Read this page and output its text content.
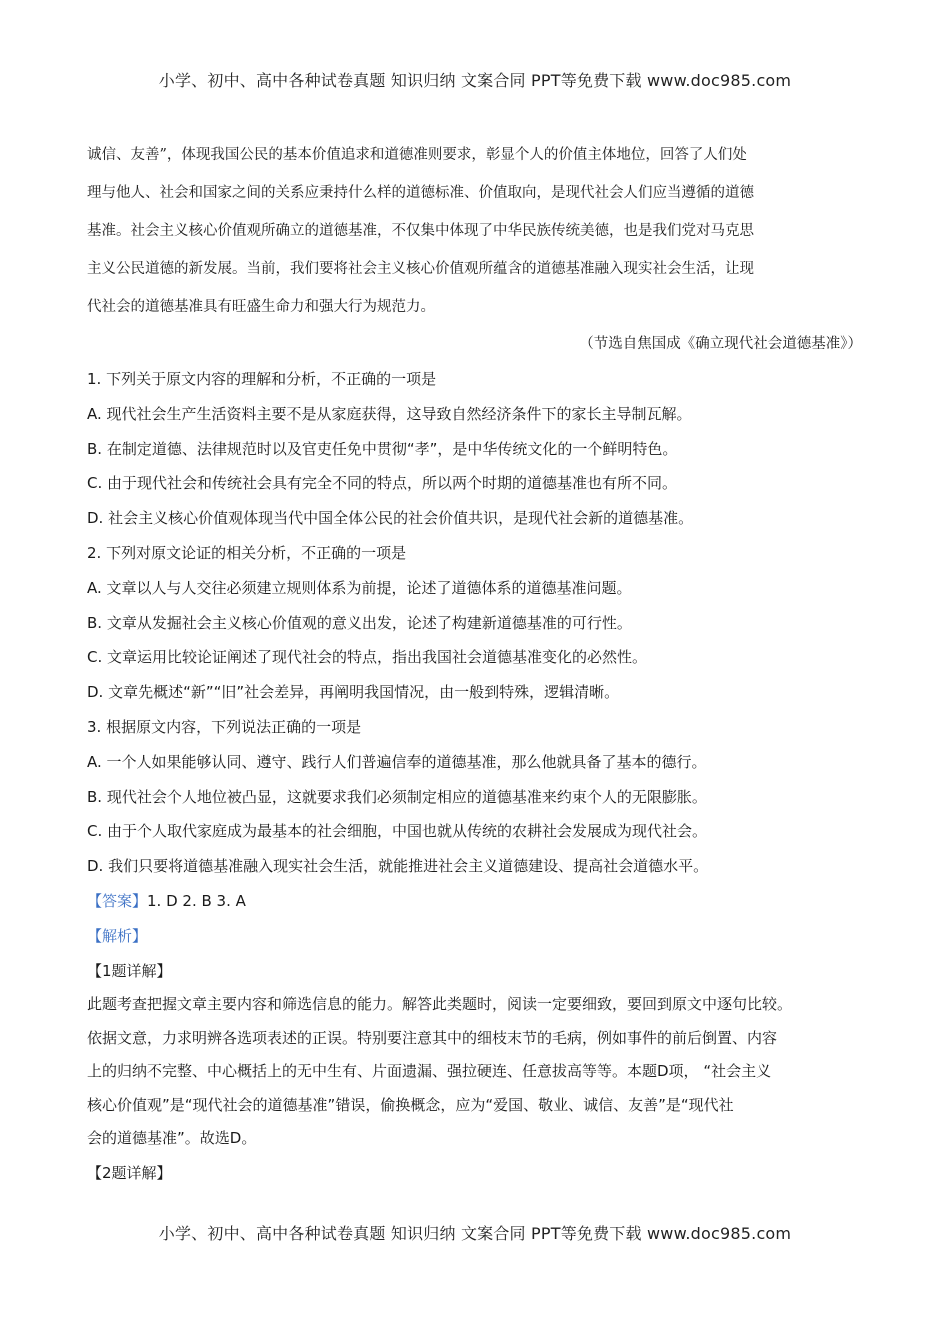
小学、初中、高中各种试卷真题 知识归纳 文案合同 PPT等免费下载 www.doc985.com
诚信、友善”，体现我国公民的基本价值追求和道德准则要求，彰显个人的价值主体地位，回答了人们处
理与他人、社会和国家之间的关系应秉持什么样的道德标准、价值取向，是现代社会人们应当遵循的道德
基准。社会主义核心价值观所确立的道德基准，不仅集中体现了中华民族传统美德，也是我们党对马克思
主义公民道德的新发展。当前，我们要将社会主义核心价值观所蕴含的道德基准融入现实社会生活，让现
代社会的道德基准具有旺盛生命力和强大行为规范力。
（节选自焦国成《确立现代社会道德基准》）
1. 下列关于原文内容的理解和分析，不正确的一项是
A. 现代社会生产生活资料主要不是从家庭获得，这导致自然经济条件下的家长主导制瓦解。
B. 在制定道德、法律规范时以及官吏任免中贯彻“孝”，是中华传统文化的一个鲜明特色。
C. 由于现代社会和传统社会具有完全不同的特点，所以两个时期的道德基准也有所不同。
D. 社会主义核心价值观体现当代中国全体公民的社会价值共识，是现代社会新的道德基准。
2. 下列对原文论证的相关分析，不正确的一项是
A. 文章以人与人交往必须建立规则体系为前提，论述了道德体系的道德基准问题。
B. 文章从发掘社会主义核心价值观的意义出发，论述了构建新道德基准的可行性。
C. 文章运用比较论证阐述了现代社会的特点，指出我国社会道德基准变化的必然性。
D. 文章先概述“新”“旧”社会差异，再阐明我国情况，由一般到特殊，逻辑清晰。
3. 根据原文内容，下列说法正确的一项是
A. 一个人如果能够认同、遵守、践行人们普遍信奉的道德基准，那么他就具备了基本的德行。
B. 现代社会个人地位被凸显，这就要求我们必须制定相应的道德基准来约束个人的无限膨胀。
C. 由于个人取代家庭成为最基本的社会细胞，中国也就从传统的农耕社会发展成为现代社会。
D. 我们只要将道德基准融入现实社会生活，就能推进社会主义道德建设、提高社会道德水平。
【答案】1. D 2. B 3. A
【解析】
【1题详解】
此题考查把握文章主要内容和筛选信息的能力。解答此类题时，阅读一定要细致，要回到原文中逐句比较。
依据文意，力求明辨各选项表述的正误。特别要注意其中的细枝末节的毛病，例如事件的前后倒置、内容
上的归纳不完整、中心概括上的无中生有、片面遗漏、强拉硬连、任意拔高等等。本题D项， “社会主义
核心价值观”是“现代社会的道德基准”错误，偷换概念，应为“爱国、敬业、诚信、友善”是“现代社
会的道德基准”。故选D。
【2题详解】
小学、初中、高中各种试卷真题 知识归纳 文案合同 PPT等免费下载 www.doc985.com
